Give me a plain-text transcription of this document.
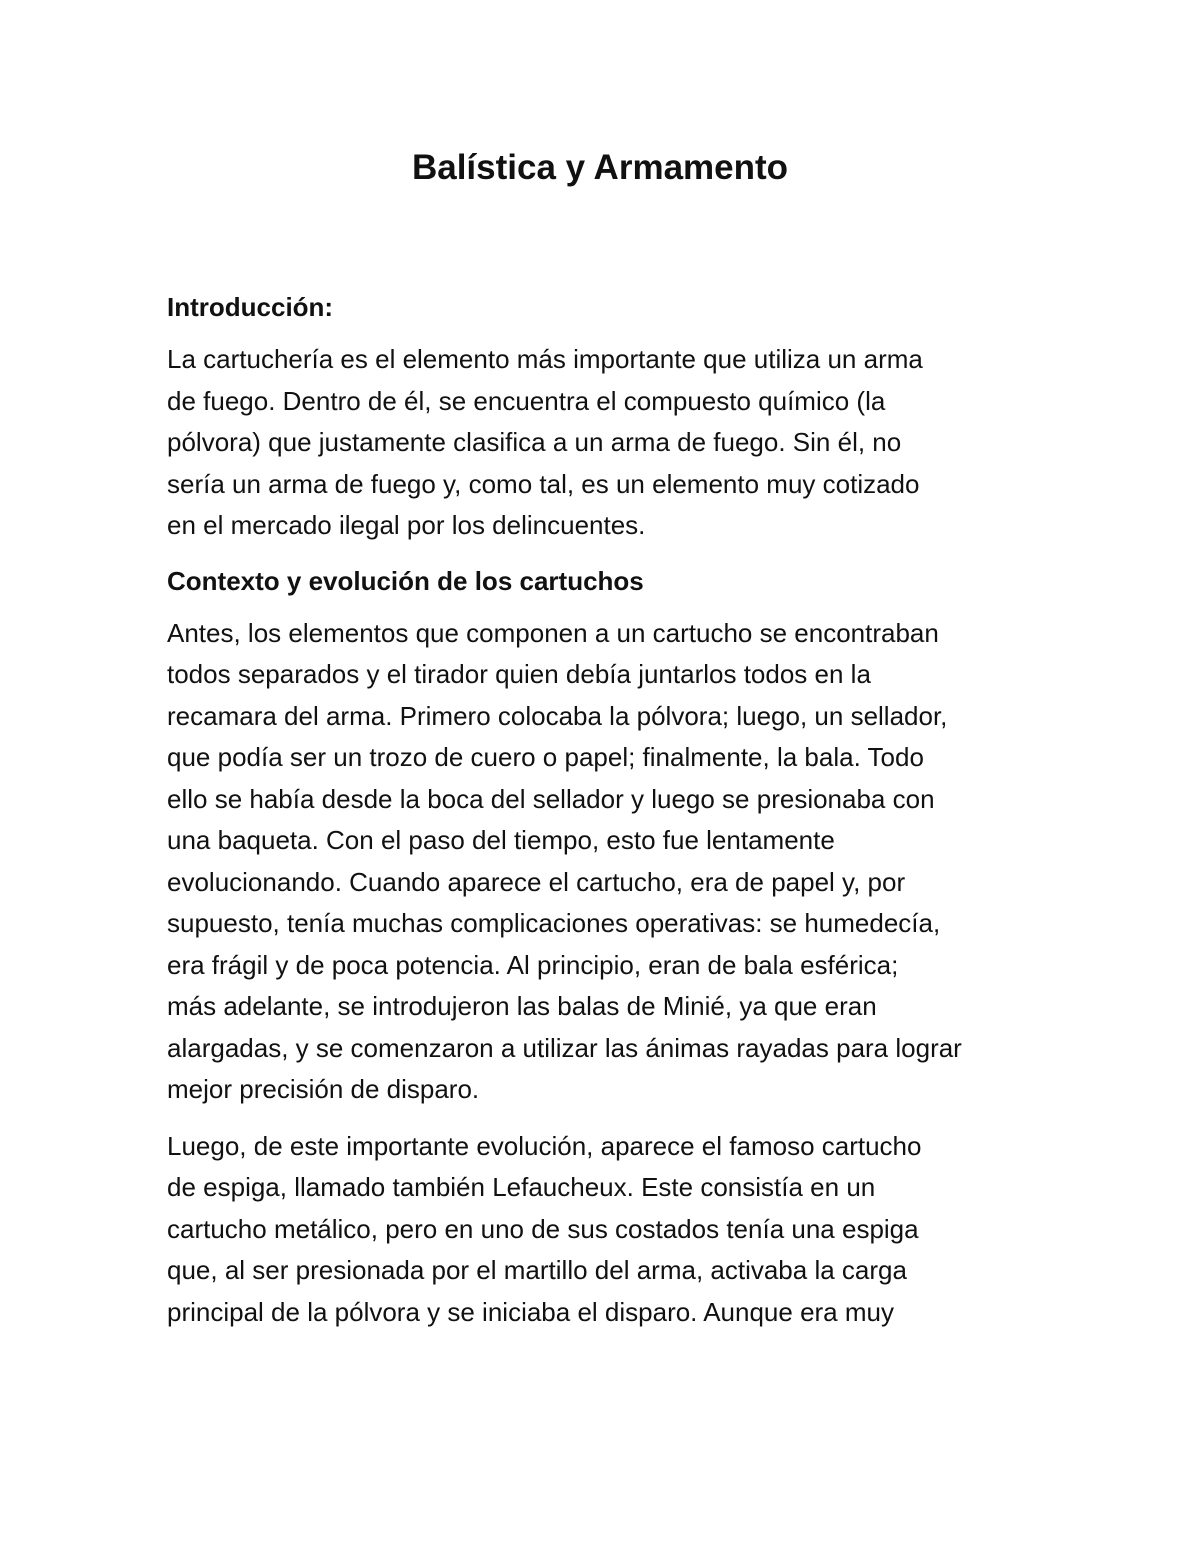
Balística y Armamento
Introducción:

La cartuchería es el elemento más importante que utiliza un arma
de fuego. Dentro de él, se encuentra el compuesto químico (la
pólvora) que justamente clasifica a un arma de fuego. Sin él, no
sería un arma de fuego y, como tal, es un elemento muy cotizado
en el mercado ilegal por los delincuentes.

Contexto y evolución de los cartuchos

Antes, los elementos que componen a un cartucho se encontraban
todos separados y el tirador quien debía juntarlos todos en la
recamara del arma. Primero colocaba la pólvora; luego, un sellador,
que podía ser un trozo de cuero o papel; finalmente, la bala. Todo
ello se había desde la boca del sellador y luego se presionaba con
una baqueta. Con el paso del tiempo, esto fue lentamente
evolucionando. Cuando aparece el cartucho, era de papel y, por
supuesto, tenía muchas complicaciones operativas: se humedecía,
era frágil y de poca potencia. Al principio, eran de bala esférica;
más adelante, se introdujeron las balas de Minié, ya que eran
alargadas, y se comenzaron a utilizar las ánimas rayadas para lograr
mejor precisión de disparo.

Luego, de este importante evolución, aparece el famoso cartucho
de espiga, llamado también Lefaucheux. Este consistía en un
cartucho metálico, pero en uno de sus costados tenía una espiga
que, al ser presionada por el martillo del arma, activaba la carga
principal de la pólvora y se iniciaba el disparo. Aunque era muy
